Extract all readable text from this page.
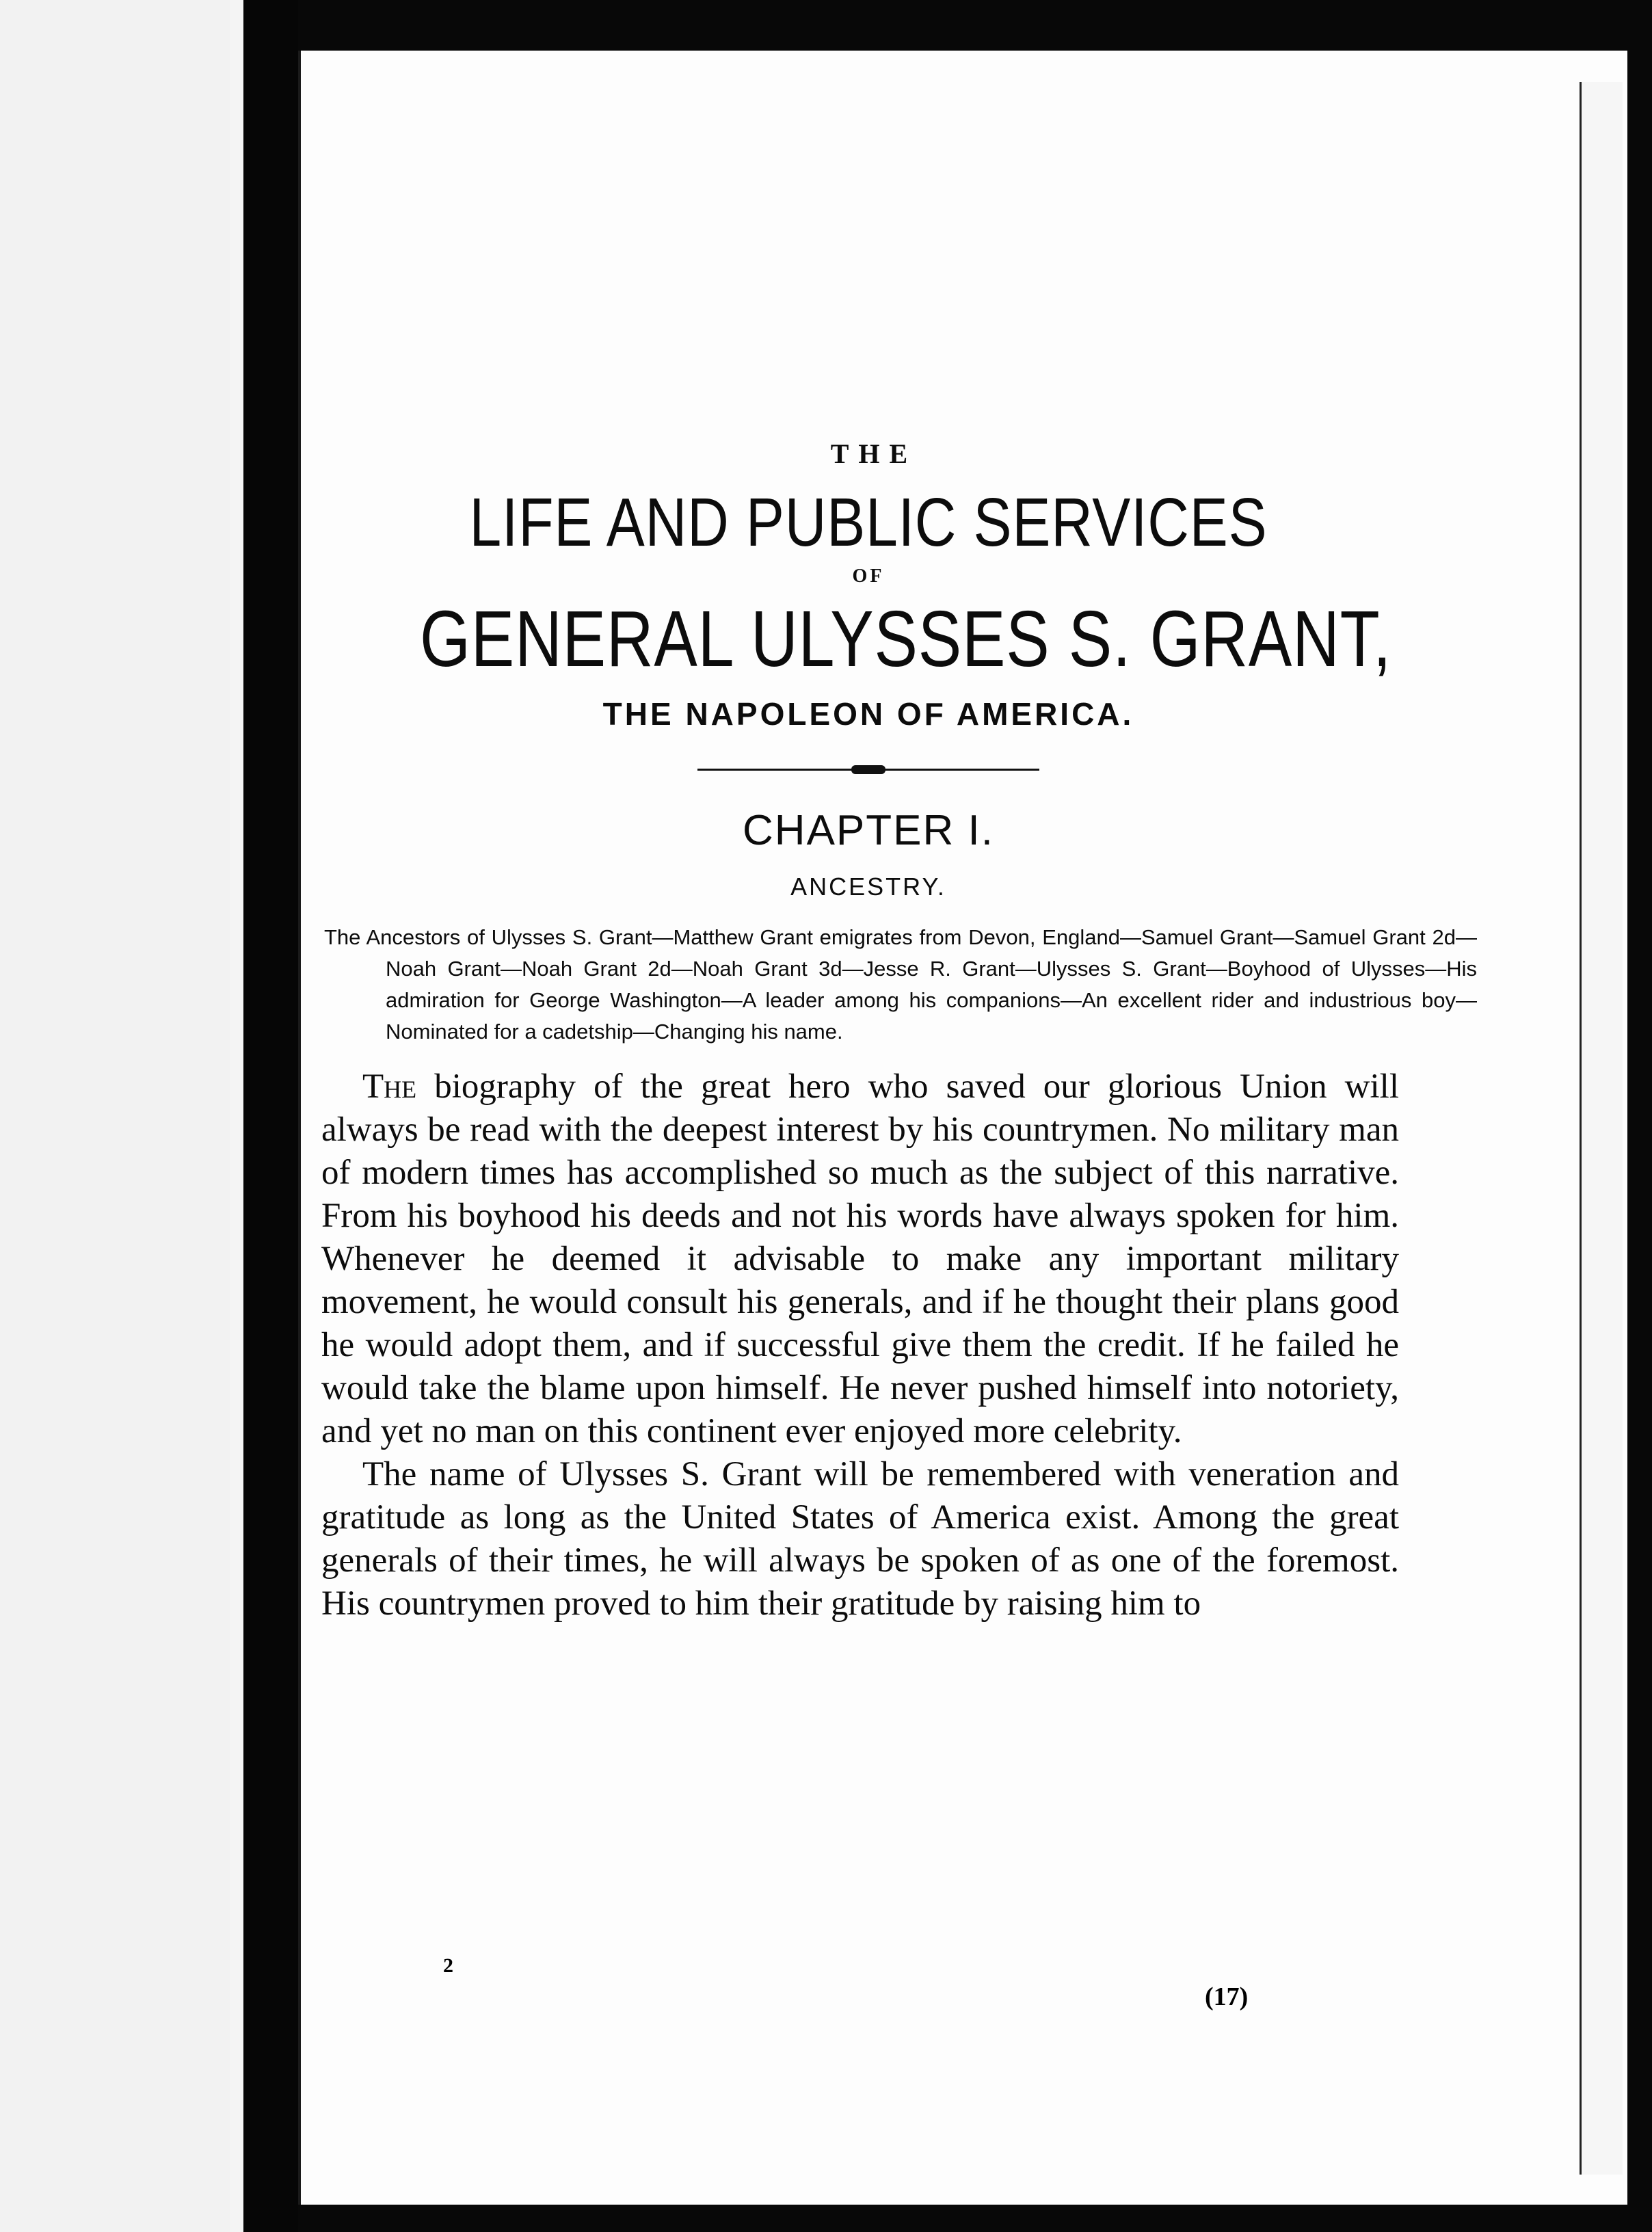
THE
LIFE AND PUBLIC SERVICES
OF
GENERAL ULYSSES S. GRANT,
THE NAPOLEON OF AMERICA.
CHAPTER I.
ANCESTRY.
The Ancestors of Ulysses S. Grant—Matthew Grant emigrates from Devon, England—Samuel Grant—Samuel Grant 2d—Noah Grant—Noah Grant 2d—Noah Grant 3d—Jesse R. Grant—Ulysses S. Grant—Boyhood of Ulysses—His admiration for George Washington—A leader among his companions—An excellent rider and industrious boy—Nominated for a cadetship—Changing his name.

The biography of the great hero who saved our glorious Union will always be read with the deepest interest by his countrymen. No military man of modern times has accomplished so much as the subject of this narrative. From his boyhood his deeds and not his words have always spoken for him. Whenever he deemed it advisable to make any important military movement, he would consult his generals, and if he thought their plans good he would adopt them, and if successful give them the credit. If he failed he would take the blame upon himself. He never pushed himself into notoriety, and yet no man on this continent ever enjoyed more celebrity.

The name of Ulysses S. Grant will be remembered with veneration and gratitude as long as the United States of America exist. Among the great generals of their times, he will always be spoken of as one of the foremost. His countrymen proved to him their gratitude by raising him to

2
(17)
